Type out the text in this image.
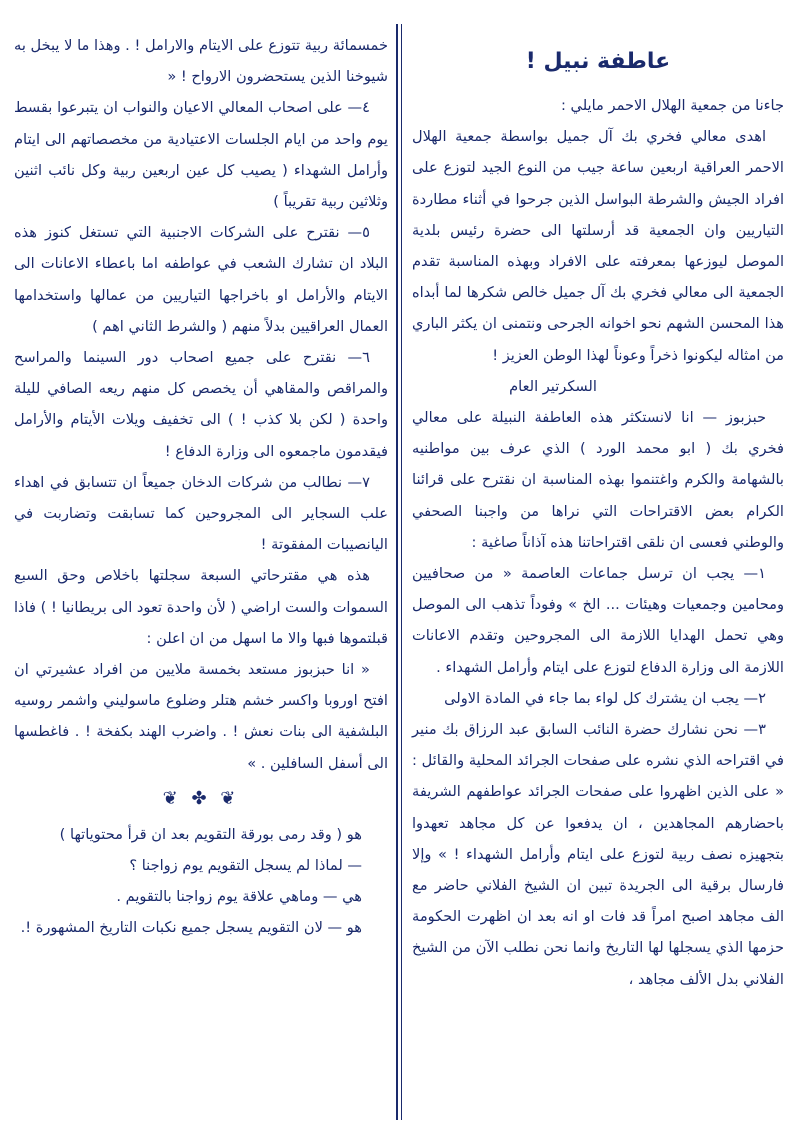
عاطفة نبيل !

جاءنا من جمعية الهلال الاحمر مايلي :

اهدى معالي فخري بك آل جميل بواسطة جمعية الهلال الاحمر العراقية اربعين ساعة جيب من النوع الجيد لتوزع على افراد الجيش والشرطة البواسل الذين جرحوا في أثناء مطاردة التياريين وان الجمعية قد أرسلتها الى حضرة رئيس بلدية الموصل ليوزعها بمعرفته على الافراد وبهذه المناسبة تقدم الجمعية الى معالي فخري بك آل جميل خالص شكرها لما أبداه هذا المحسن الشهم نحو اخوانه الجرحى ونتمنى ان يكثر الباري من امثاله ليكونوا ذخراً وعوناً لهذا الوطن العزيز !

السكرتير العام

حبزبوز — انا لانستكثر هذه العاطفة النبيلة على معالي فخري بك ( ابو محمد الورد ) الذي عرف بين مواطنيه بالشهامة والكرم واغتنموا بهذه المناسبة ان نقترح على قرائنا الكرام بعض الاقتراحات التي نراها من واجبنا الصحفي والوطني فعسى ان نلقى اقتراحاتنا هذه آذاناً صاغية :

١— يجب ان ترسل جماعات العاصمة « من صحافيين ومحامين وجمعيات وهيئات ... الخ » وفوداً تذهب الى الموصل وهي تحمل الهدايا اللازمة الى المجروحين وتقدم الاعانات اللازمة الى وزارة الدفاع لتوزع على ايتام وأرامل الشهداء .

٢— يجب ان يشترك كل لواء بما جاء في المادة الاولى

٣— نحن نشارك حضرة النائب السابق عبد الرزاق بك منير في اقتراحه الذي نشره على صفحات الجرائد المحلية والقائل : « على الذين اظهروا على صفحات الجرائد عواطفهم الشريفة باحضارهم المجاهدين ، ان يدفعوا عن كل مجاهد تعهدوا بتجهيزه نصف ربية لتوزع على ايتام وأرامل الشهداء ! » وإلا فارسال برقية الى الجريدة تبين ان الشيخ الفلاني حاضر مع الف مجاهد اصبح امراً قد فات او انه بعد ان اظهرت الحكومة حزمها الذي يسجلها لها التاريخ وانما نحن نطلب الآن من الشيخ الفلاني بدل الألف مجاهد ،

خمسمائة ربية تتوزع على الايتام والارامل ! . وهذا ما لا يبخل به شيوخنا الذين يستحضرون الارواح ! «

٤— على اصحاب المعالي الاعيان والنواب ان يتبرعوا بقسط يوم واحد من ايام الجلسات الاعتيادية من مخصصاتهم الى ايتام وأرامل الشهداء ( يصيب كل عين اربعين ربية وكل نائب اثنين وثلاثين ربية تقريباً )

٥— نقترح على الشركات الاجنبية التي تستغل كنوز هذه البلاد ان تشارك الشعب في عواطفه اما باعطاء الاعانات الى الايتام والأرامل او باخراجها التياريين من عمالها واستخدامها العمال العراقيين بدلاً منهم ( والشرط الثاني اهم )

٦— نقترح على جميع اصحاب دور السينما والمراسح والمراقص والمقاهي أن يخصص كل منهم ريعه الصافي لليلة واحدة ( لكن بلا كذب ! ) الى تخفيف ويلات الأيتام والأرامل فيقدمون ماجمعوه الى وزارة الدفاع !

٧— نطالب من شركات الدخان جميعاً ان تتسابق في اهداء علب السجاير الى المجروحين كما تسابقت وتضاربت في اليانصيبات المفقوتة !

هذه هي مقترحاتي السبعة سجلتها باخلاص وحق السبع السموات والست اراضي ( لأن واحدة تعود الى بريطانيا ! ) فاذا قبلتموها فبها والا ما اسهل من ان اعلن :

« انا حبزبوز مستعد بخمسة ملايين من افراد عشيرتي ان افتح اوروبا واكسر خشم هتلر وضلوع ماسوليني واشمر روسيه البلشفية الى بنات نعش ! . واضرب الهند بكفخة ! . فاغطسها الى أسفل السافلين . »

❦ ✤ ❦

هو ( وقد رمى بورقة التقويم بعد ان قرأ محتوياتها )

— لماذا لم يسجل التقويم يوم زواجنا ؟

هي — وماهي علاقة يوم زواجنا بالتقويم .

هو — لان التقويم يسجل جميع نكبات التاريخ المشهورة !.
